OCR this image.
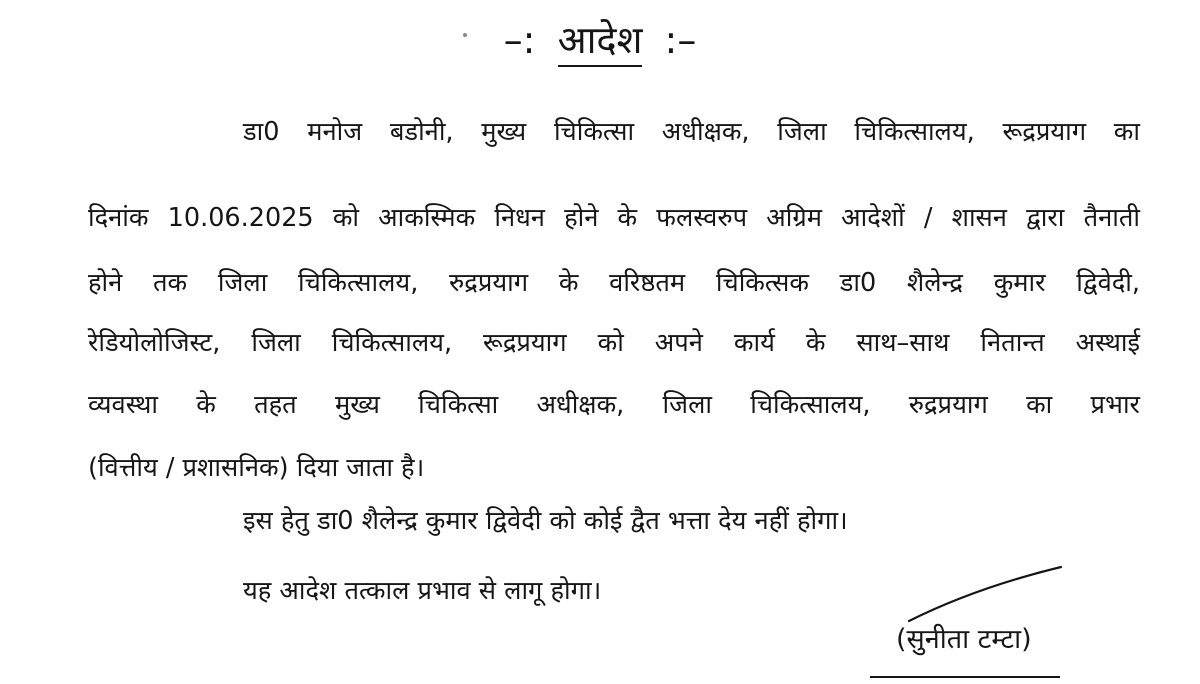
–: आदेश :–
डा0 मनोज बडोनी, मुख्य चिकित्सा अधीक्षक, जिला चिकित्सालय, रूद्रप्रयाग का
दिनांक 10.06.2025 को आकस्मिक निधन होने के फलस्वरुप अग्रिम आदेशों / शासन द्वारा तैनाती
होने तक जिला चिकित्सालय, रुद्रप्रयाग के वरिष्ठतम चिकित्सक डा0 शैलेन्द्र कुमार द्विवेदी,
रेडियोलोजिस्ट, जिला चिकित्सालय, रूद्रप्रयाग को अपने कार्य के साथ–साथ नितान्त अस्थाई
व्यवस्था के तहत मुख्य चिकित्सा अधीक्षक, जिला चिकित्सालय, रुद्रप्रयाग का प्रभार
(वित्तीय / प्रशासनिक) दिया जाता है।
इस हेतु डा0 शैलेन्द्र कुमार द्विवेदी को कोई द्वैत भत्ता देय नहीं होगा।
यह आदेश तत्काल प्रभाव से लागू होगा।
(सुनीता टम्टा)
